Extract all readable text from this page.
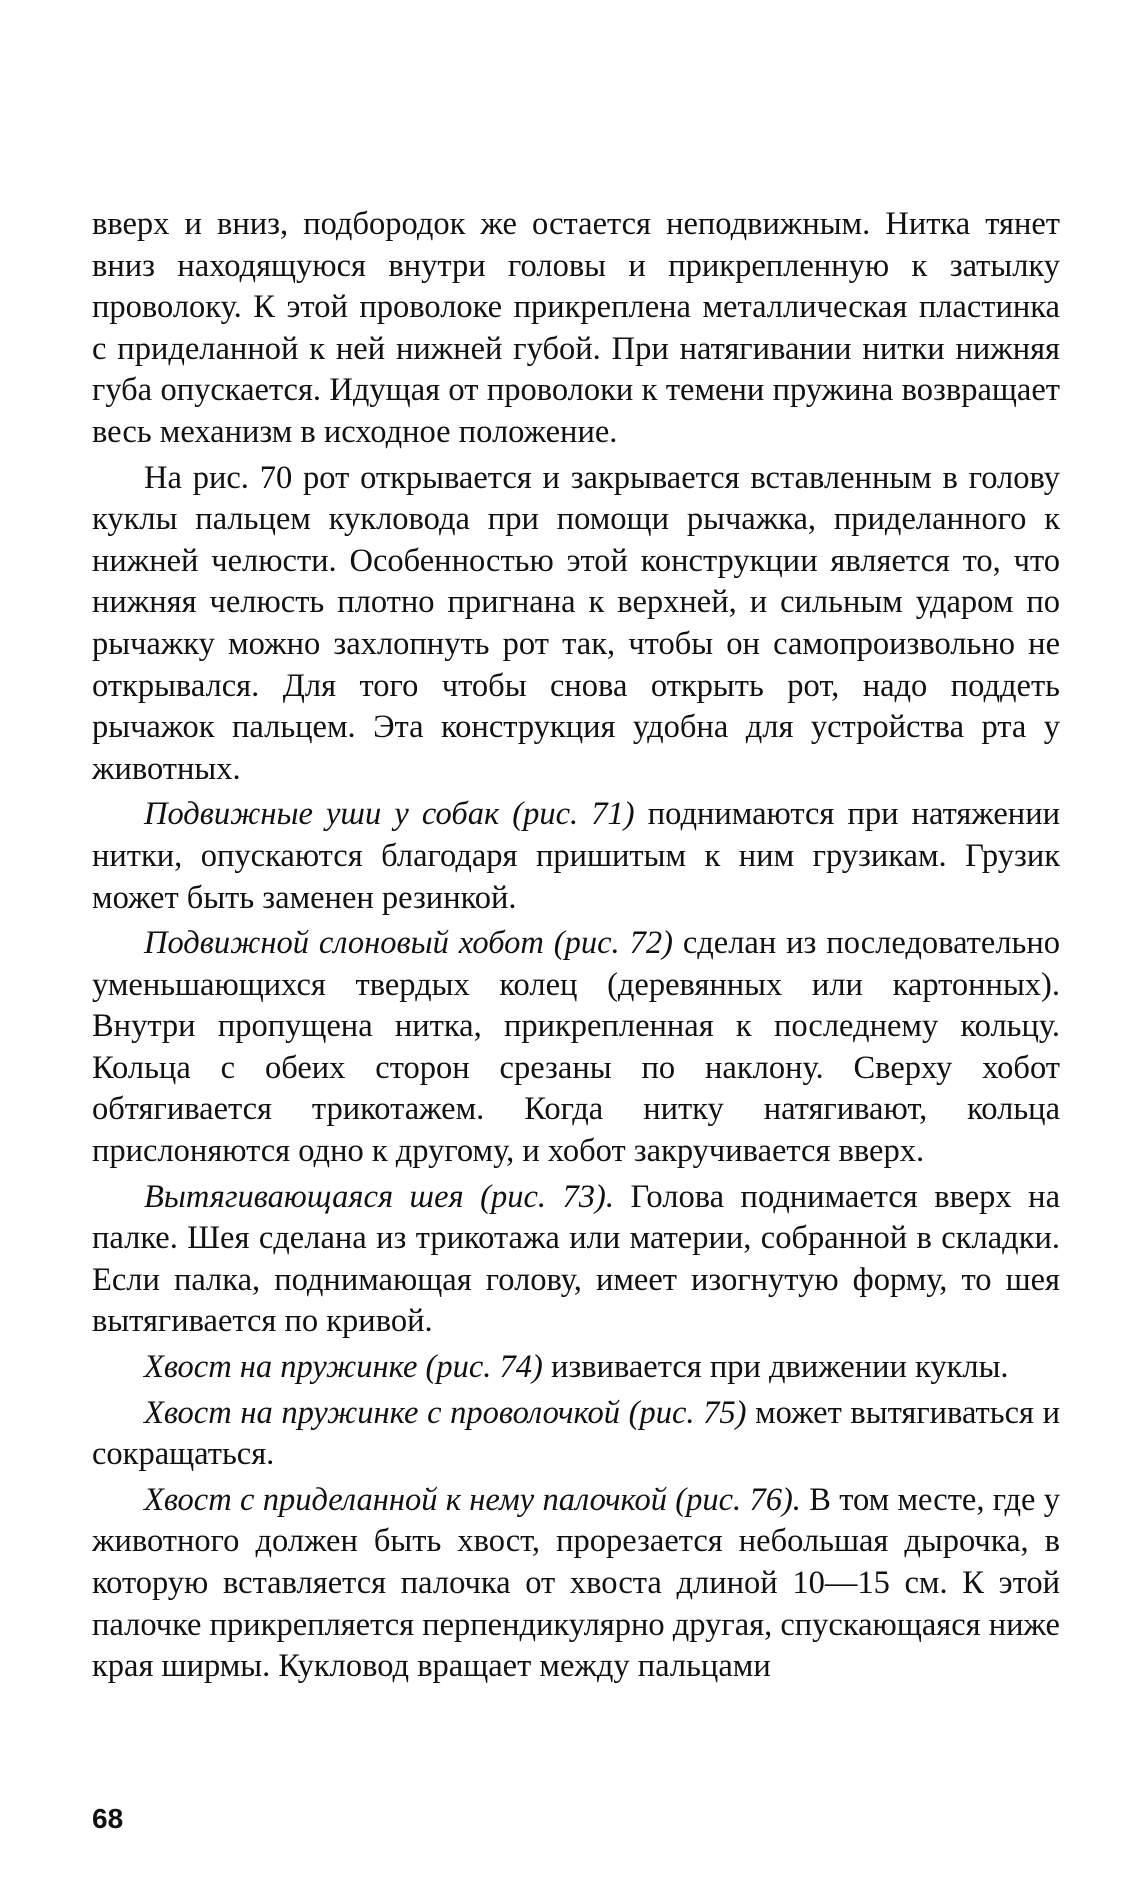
вверх и вниз, подбородок же остается неподвижным. Нитка тянет вниз находящуюся внутри головы и прикрепленную к затылку проволоку. К этой проволоке прикреплена металлическая пластинка с приделанной к ней нижней губой. При натягивании нитки нижняя губа опускается. Идущая от проволоки к темени пружина возвращает весь механизм в исходное положение.

На рис. 70 рот открывается и закрывается вставленным в голову куклы пальцем кукловода при помощи рычажка, приделанного к нижней челюсти. Особенностью этой конструкции является то, что нижняя челюсть плотно пригнана к верхней, и сильным ударом по рычажку можно захлопнуть рот так, чтобы он самопроизвольно не открывался. Для того чтобы снова открыть рот, надо поддеть рычажок пальцем. Эта конструкция удобна для устройства рта у животных.

Подвижные уши у собак (рис. 71) поднимаются при натяжении нитки, опускаются благодаря пришитым к ним грузикам. Грузик может быть заменен резинкой.

Подвижной слоновый хобот (рис. 72) сделан из последовательно уменьшающихся твердых колец (деревянных или картонных). Внутри пропущена нитка, прикрепленная к последнему кольцу. Кольца с обеих сторон срезаны по наклону. Сверху хобот обтягивается трикотажем. Когда нитку натягивают, кольца прислоняются одно к другому, и хобот закручивается вверх.

Вытягивающаяся шея (рис. 73). Голова поднимается вверх на палке. Шея сделана из трикотажа или материи, собранной в складки. Если палка, поднимающая голову, имеет изогнутую форму, то шея вытягивается по кривой.

Хвост на пружинке (рис. 74) извивается при движении куклы.

Хвост на пружинке с проволочкой (рис. 75) может вытягиваться и сокращаться.

Хвост с приделанной к нему палочкой (рис. 76). В том месте, где у животного должен быть хвост, прорезается небольшая дырочка, в которую вставляется палочка от хвоста длиной 10—15 см. К этой палочке прикрепляется перпендикулярно другая, спускающаяся ниже края ширмы. Кукловод вращает между пальцами

68
